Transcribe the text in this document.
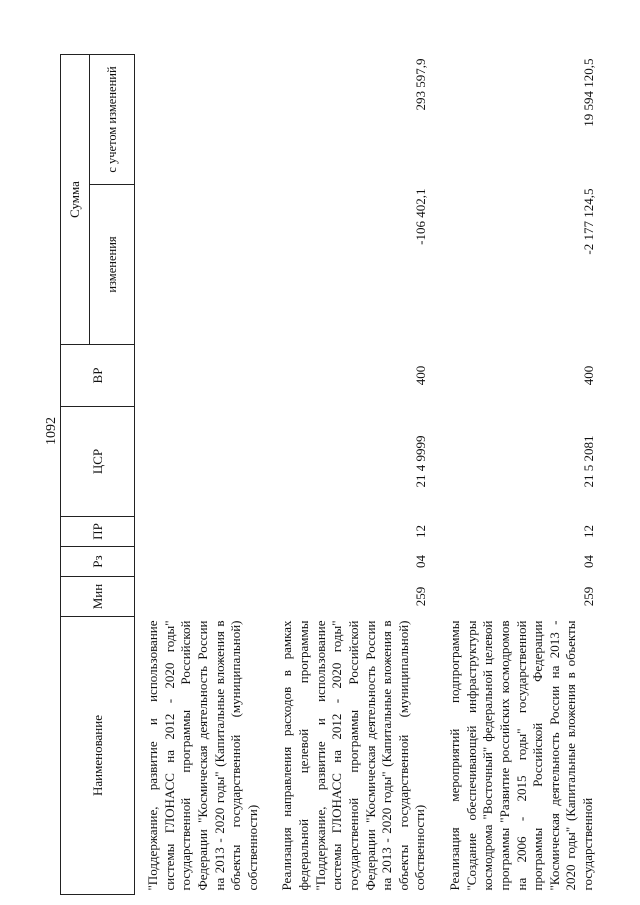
1092
Наименование	Мин	Рз	ПР	ЦСР	ВР	Сумма	
						изменения	с учетом изменений
"Поддержание, развитие и использование системы ГЛОНАСС на 2012 - 2020 годы" государственной программы Российской Федерации "Космическая деятельность России на 2013 - 2020 годы" (Капитальные вложения в объекты государственной (муниципальной) собственности)							
Реализация направления расходов в рамках федеральной целевой программы "Поддержание, развитие и использование системы ГЛОНАСС на 2012 - 2020 годы" государственной программы Российской Федерации "Космическая деятельность России на 2013 - 2020 годы" (Капитальные вложения в объекты государственной (муниципальной) собственности)	259	04	12	21 4 9999	400	-106 402,1	293 597,9
Реализация мероприятий подпрограммы "Создание обеспечивающей инфраструктуры космодрома "Восточный" федеральной целевой программы "Развитие российских космодромов на 2006 - 2015 годы" государственной программы Российской Федерации "Космическая деятельность России на 2013 - 2020 годы" (Капитальные вложения в объекты государственной	259	04	12	21 5 2081	400	-2 177 124,5	19 594 120,5
